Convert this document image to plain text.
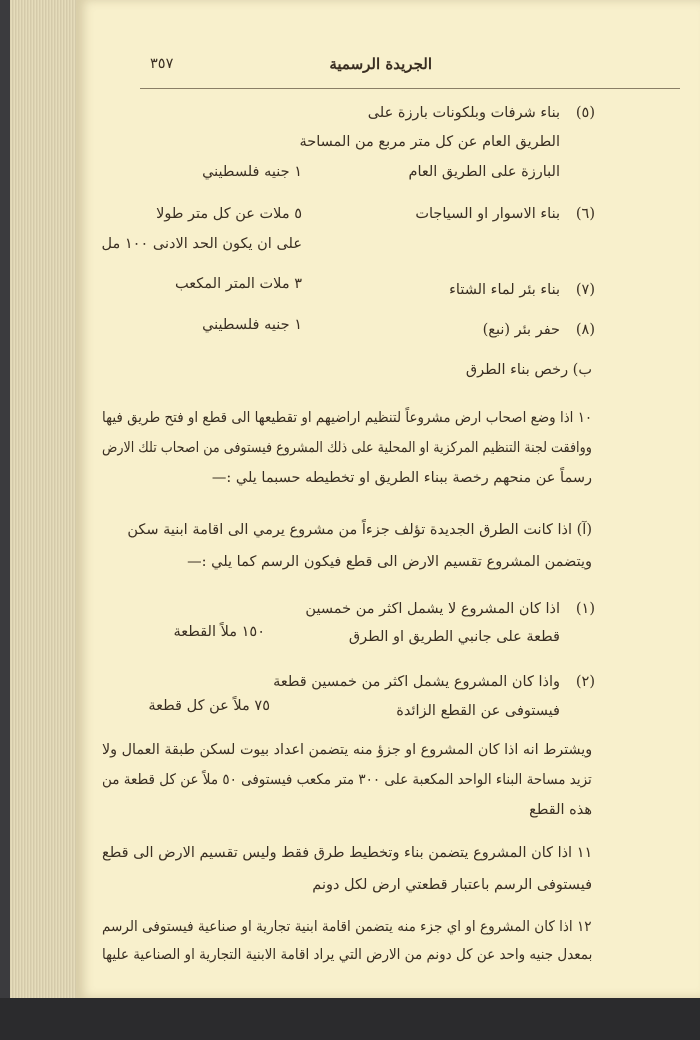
٣٥٧	الجريدة الرسمية
(٥)
بناء شرفات وبلكونات بارزة على
الطريق العام عن كل متر مربع من المساحة
البارزة على الطريق العام
١ جنيه فلسطيني
(٦)
بناء الاسوار او السياجات
٥ ملات عن كل متر طولا
على ان يكون الحد الادنى ١٠٠ مل
(٧)
بناء بئر لماء الشتاء
٣ ملات المتر المكعب
(٨)
حفر بئر (نبع)
١ جنيه فلسطيني
ب) رخص بناء الطرق
١٠ اذا وضع اصحاب ارض مشروعاً لتنظيم اراضيهم او تقطيعها الى قطع او فتح طريق فيها
ووافقت لجنة التنظيم المركزية او المحلية على ذلك المشروع فيستوفى من اصحاب تلك الارض
رسماً عن منحهم رخصة ببناء الطريق او تخطيطه حسبما يلي :—
(آ) اذا كانت الطرق الجديدة تؤلف جزءاً من مشروع يرمي الى اقامة ابنية سكن
ويتضمن المشروع تقسيم الارض الى قطع فيكون الرسم كما يلي :—
(١)
اذا كان المشروع لا يشمل اكثر من خمسين
قطعة على جانبي الطريق او الطرق
١٥٠ ملاً القطعة
(٢)
واذا كان المشروع يشمل اكثر من خمسين قطعة
فيستوفى عن القطع الزائدة
٧٥ ملاً عن كل قطعة
ويشترط انه اذا كان المشروع او جزؤ منه يتضمن اعداد بيوت لسكن طبقة العمال ولا
تزيد مساحة البناء الواحد المكعبة على ٣٠٠ متر مكعب فيستوفى ٥٠ ملاً عن كل قطعة من
هذه القطع
١١ اذا كان المشروع يتضمن بناء وتخطيط طرق فقط وليس تقسيم الارض الى قطع
فيستوفى الرسم باعتبار قطعتي ارض لكل دونم
١٢ اذا كان المشروع او اي جزء منه يتضمن اقامة ابنية تجارية او صناعية فيستوفى الرسم
بمعدل جنيه واحد عن كل دونم من الارض التي يراد اقامة الابنية التجارية او الصناعية عليها
